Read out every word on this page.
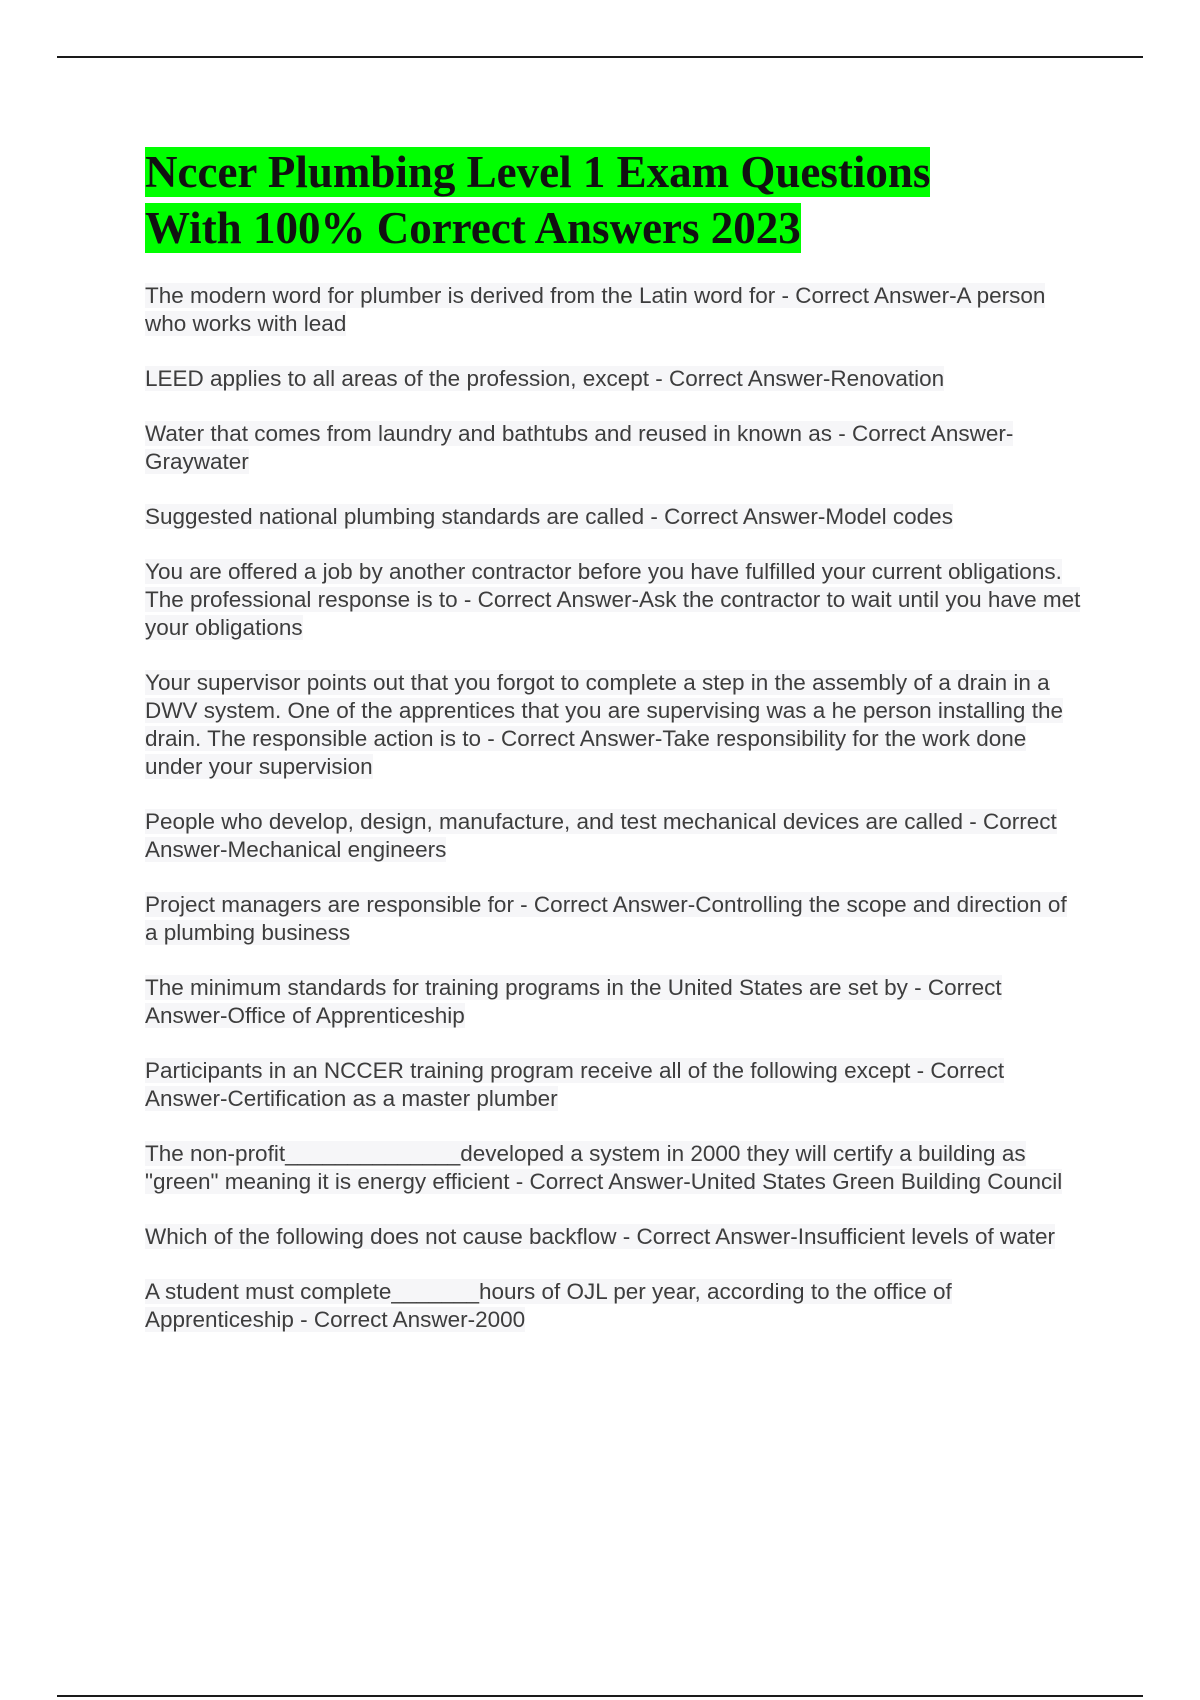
Nccer Plumbing Level 1 Exam Questions
With 100% Correct Answers 2023

The modern word for plumber is derived from the Latin word for - Correct Answer-A person who works with lead

LEED applies to all areas of the profession, except - Correct Answer-Renovation

Water that comes from laundry and bathtubs and reused in known as - Correct Answer-Graywater

Suggested national plumbing standards are called - Correct Answer-Model codes

You are offered a job by another contractor before you have fulfilled your current obligations. The professional response is to - Correct Answer-Ask the contractor to wait until you have met your obligations

Your supervisor points out that you forgot to complete a step in the assembly of a drain in a DWV system. One of the apprentices that you are supervising was a he person installing the drain. The responsible action is to - Correct Answer-Take responsibility for the work done under your supervision

People who develop, design, manufacture, and test mechanical devices are called - Correct Answer-Mechanical engineers

Project managers are responsible for - Correct Answer-Controlling the scope and direction of a plumbing business

The minimum standards for training programs in the United States are set by - Correct Answer-Office of Apprenticeship

Participants in an NCCER training program receive all of the following except - Correct Answer-Certification as a master plumber

The non-profit______________developed a system in 2000 they will certify a building as "green" meaning it is energy efficient - Correct Answer-United States Green Building Council

Which of the following does not cause backflow - Correct Answer-Insufficient levels of water

A student must complete_______hours of OJL per year, according to the office of Apprenticeship - Correct Answer-2000
